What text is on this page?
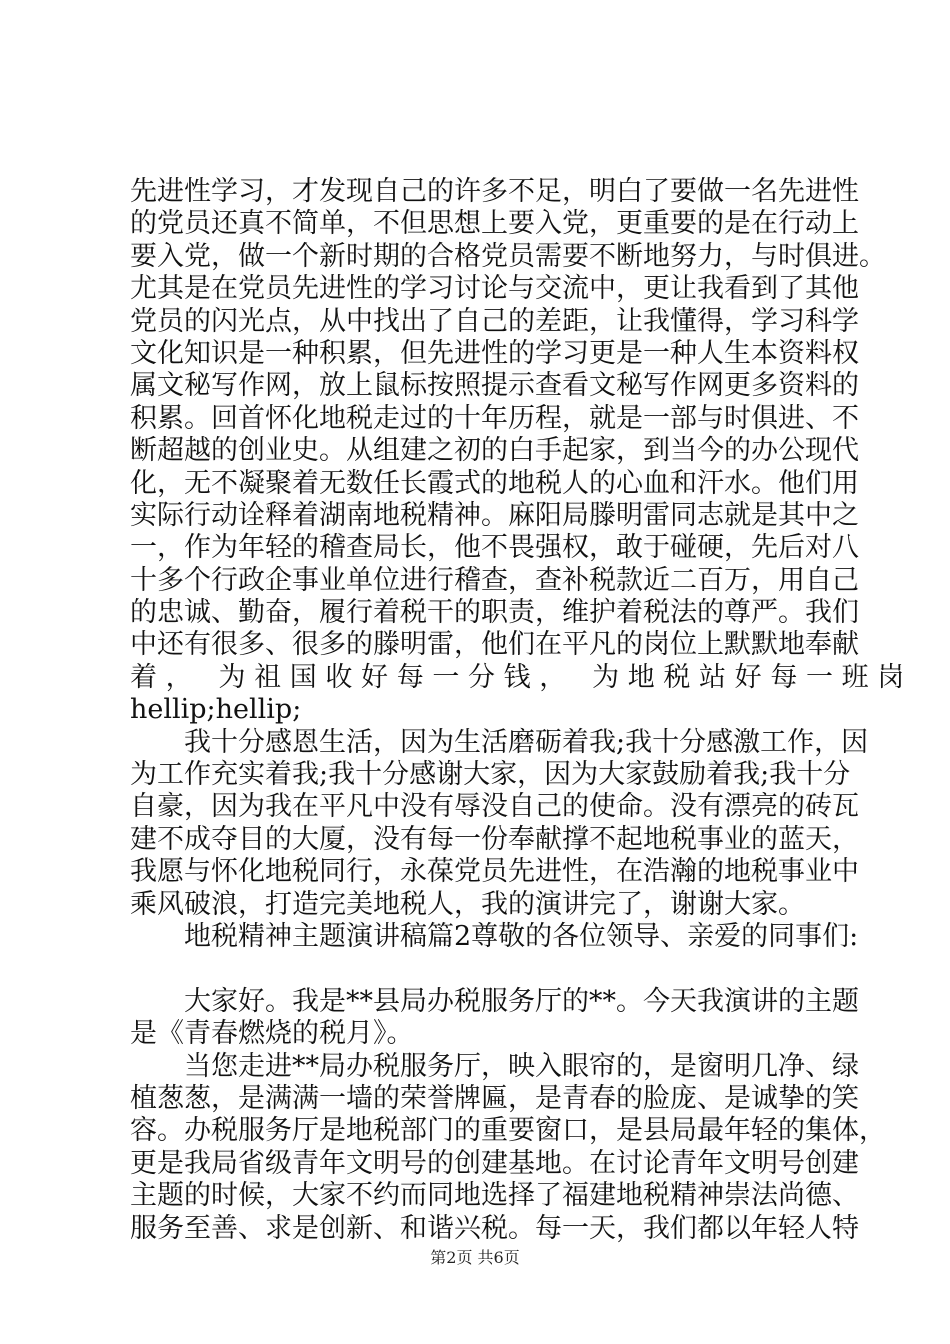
先进性学习，才发现自己的许多不足，明白了要做一名先进性
的党员还真不简单，不但思想上要入党，更重要的是在行动上
要入党，做一个新时期的合格党员需要不断地努力，与时俱进。
尤其是在党员先进性的学习讨论与交流中，更让我看到了其他
党员的闪光点，从中找出了自己的差距，让我懂得，学习科学
文化知识是一种积累，但先进性的学习更是一种人生本资料权
属文秘写作网，放上鼠标按照提示查看文秘写作网更多资料的
积累。回首怀化地税走过的十年历程，就是一部与时俱进、不
断超越的创业史。从组建之初的白手起家，到当今的办公现代
化，无不凝聚着无数任长霞式的地税人的心血和汗水。他们用
实际行动诠释着湖南地税精神。麻阳局滕明雷同志就是其中之
一，作为年轻的稽查局长，他不畏强权，敢于碰硬，先后对八
十多个行政企事业单位进行稽查，查补税款近二百万，用自己
的忠诚、勤奋，履行着税干的职责，维护着税法的尊严。我们
中还有很多、很多的滕明雷，他们在平凡的岗位上默默地奉献
着， 为祖国收好每一分钱， 为地税站好每一班岗
hellip;hellip;
我十分感恩生活，因为生活磨砺着我;我十分感激工作，因
为工作充实着我;我十分感谢大家，因为大家鼓励着我;我十分
自豪，因为我在平凡中没有辱没自己的使命。没有漂亮的砖瓦
建不成夺目的大厦，没有每一份奉献撑不起地税事业的蓝天，
我愿与怀化地税同行，永葆党员先进性，在浩瀚的地税事业中
乘风破浪，打造完美地税人，我的演讲完了，谢谢大家。
地税精神主题演讲稿篇2尊敬的各位领导、亲爱的同事们:
大家好。我是**县局办税服务厅的**。今天我演讲的主题
是《青春燃烧的税月》。
当您走进**局办税服务厅，映入眼帘的，是窗明几净、绿
植葱葱，是满满一墙的荣誉牌匾，是青春的脸庞、是诚挚的笑
容。办税服务厅是地税部门的重要窗口，是县局最年轻的集体，
更是我局省级青年文明号的创建基地。在讨论青年文明号创建
主题的时候，大家不约而同地选择了福建地税精神崇法尚德、
服务至善、求是创新、和谐兴税。每一天，我们都以年轻人特
第2页 共6页
